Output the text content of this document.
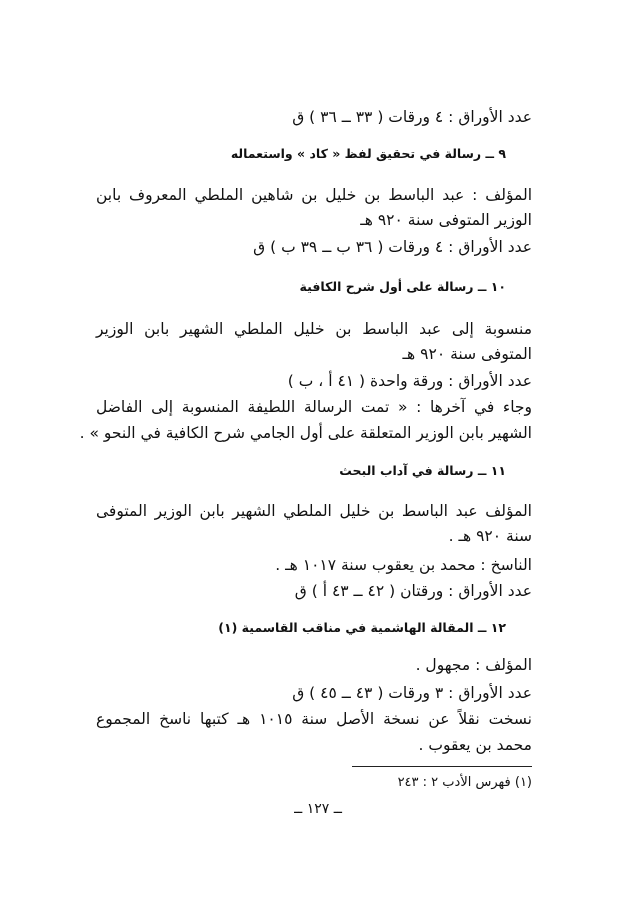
عدد الأوراق : ٤ ورقات ( ٣٣ ــ ٣٦ ) ق
٩ ــ رسالة في تحقيق لفظ « كاد » واستعماله
المؤلف : عبد الباسط بن خليل بن شاهين الملطي المعروف بابن
الوزير المتوفى سنة ٩٢٠ هـ
عدد الأوراق : ٤ ورقات ( ٣٦ ب ــ ٣٩ ب ) ق
١٠ ــ رسالة على أول شرح الكافية
منسوبة إلى عبد الباسط بن خليل الملطي الشهير بابن الوزير
المتوفى سنة ٩٢٠ هـ
عدد الأوراق : ورقة واحدة ( ٤١ أ ، ب )
وجاء في آخرها : « تمت الرسالة اللطيفة المنسوبة إلى الفاضل
الشهير بابن الوزير المتعلقة على أول الجامي شرح الكافية في النحو » .
١١ ــ رسالة في آداب البحث
المؤلف عبد الباسط بن خليل الملطي الشهير بابن الوزير المتوفى
سنة ٩٢٠ هـ .
الناسخ : محمد بن يعقوب سنة ١٠١٧ هـ .
عدد الأوراق : ورقتان ( ٤٢ ــ ٤٣ أ ) ق
١٢ ــ المقالة الهاشمية في مناقب القاسمية (١)
المؤلف : مجهول .
عدد الأوراق : ٣ ورقات ( ٤٣ ــ ٤٥ ) ق
نسخت نقلاً عن نسخة الأصل سنة ١٠١٥ هـ كتبها ناسخ المجموع
محمد بن يعقوب .
(١) فهرس الأدب ٢ : ٢٤٣
ــ ١٢٧ ــ
